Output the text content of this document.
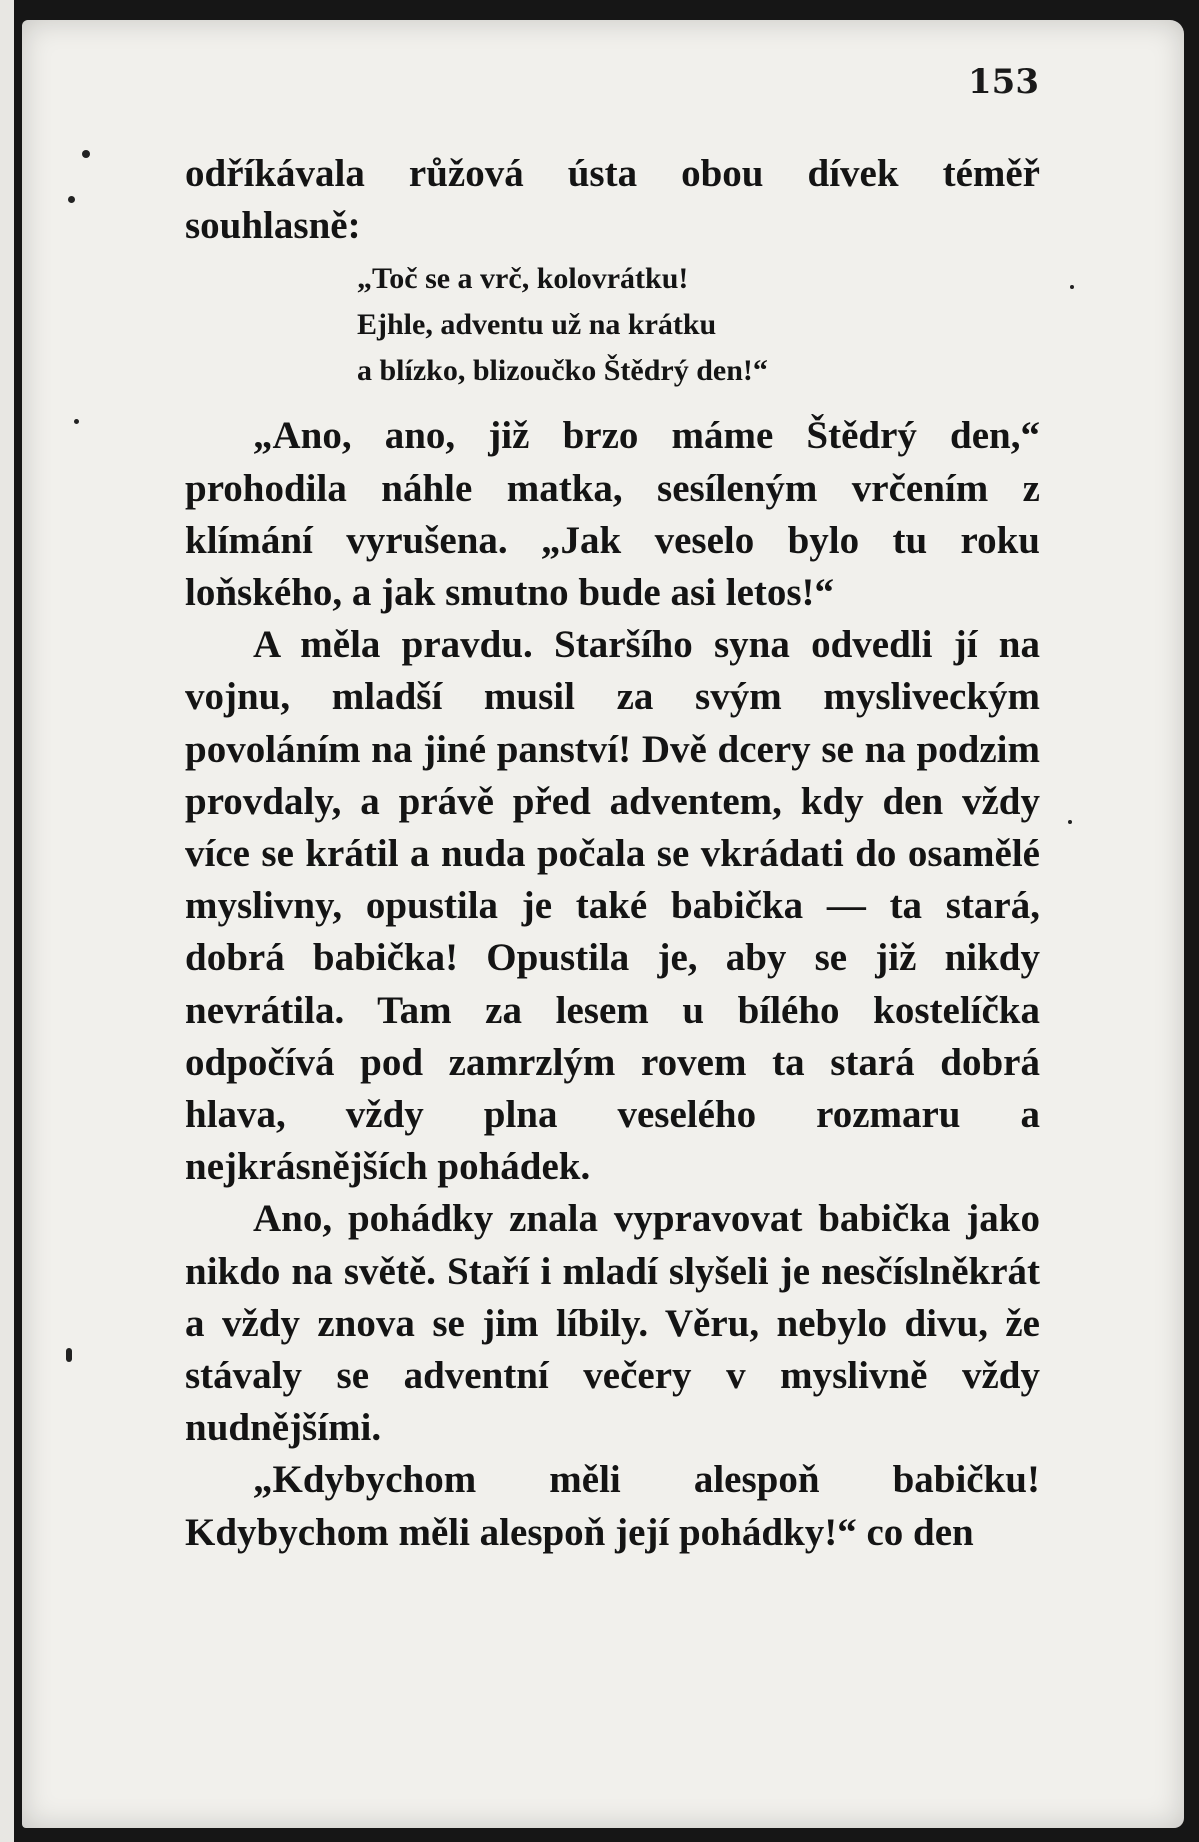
153

odříkávala růžová ústa obou dívek téměř souhlasně:

„Toč se a vrč, kolovrátku!
Ejhle, adventu už na krátku
a blízko, blizoučko Štědrý den!“

„Ano, ano, již brzo máme Štědrý den,“ prohodila náhle matka, sesíleným vrčením z klímání vyrušena. „Jak veselo bylo tu roku loňského, a jak smutno bude asi letos!“

A měla pravdu. Staršího syna odvedli jí na vojnu, mladší musil za svým mysliveckým povoláním na jiné panství! Dvě dcery se na podzim provdaly, a právě před adventem, kdy den vždy více se krátil a nuda počala se vkrádati do osamělé myslivny, opustila je také babička — ta stará, dobrá babička! Opustila je, aby se již nikdy nevrátila. Tam za lesem u bílého kostelíčka odpočívá pod zamrzlým rovem ta stará dobrá hlava, vždy plna veselého rozmaru a nejkrásnějších pohádek.

Ano, pohádky znala vypravovat babička jako nikdo na světě. Staří i mladí slyšeli je nesčíslněkrát a vždy znova se jim líbily. Věru, nebylo divu, že stávaly se adventní večery v myslivně vždy nudnějšími.

„Kdybychom měli alespoň babičku! Kdybychom měli alespoň její pohádky!“ co den
